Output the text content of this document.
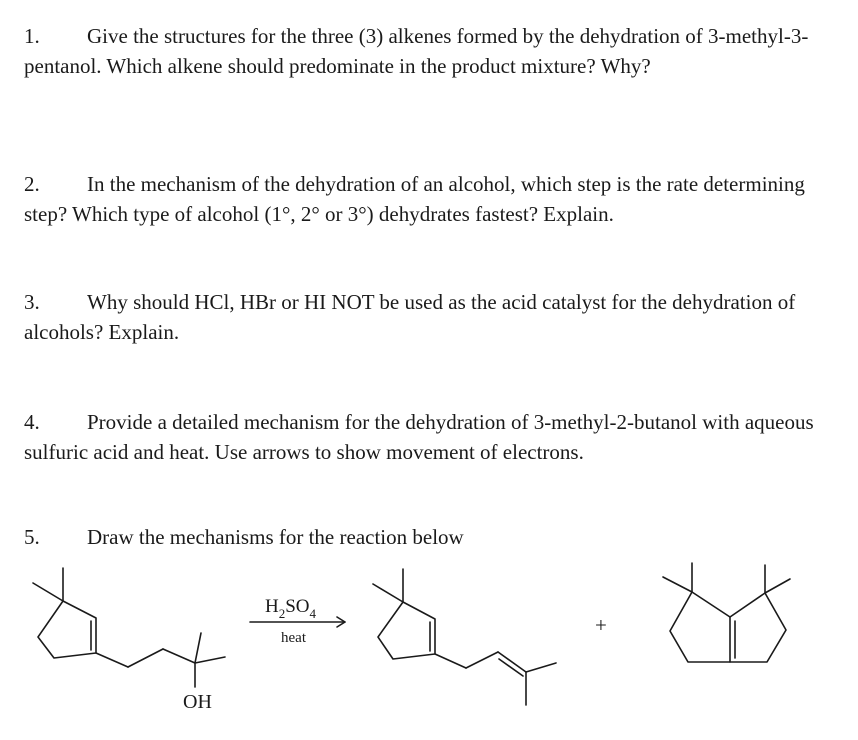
1. Give the structures for the three (3) alkenes formed by the dehydration of 3-methyl-3-pentanol. Which alkene should predominate in the product mixture? Why?
2. In the mechanism of the dehydration of an alcohol, which step is the rate determining step? Which type of alcohol (1°, 2° or 3°) dehydrates fastest? Explain.
3. Why should HCl, HBr or HI NOT be used as the acid catalyst for the dehydration of alcohols? Explain.
4. Provide a detailed mechanism for the dehydration of 3-methyl-2-butanol with aqueous sulfuric acid and heat. Use arrows to show movement of electrons.
5. Draw the mechanisms for the reaction below
$H_2SO_4$
heat
OH
+
